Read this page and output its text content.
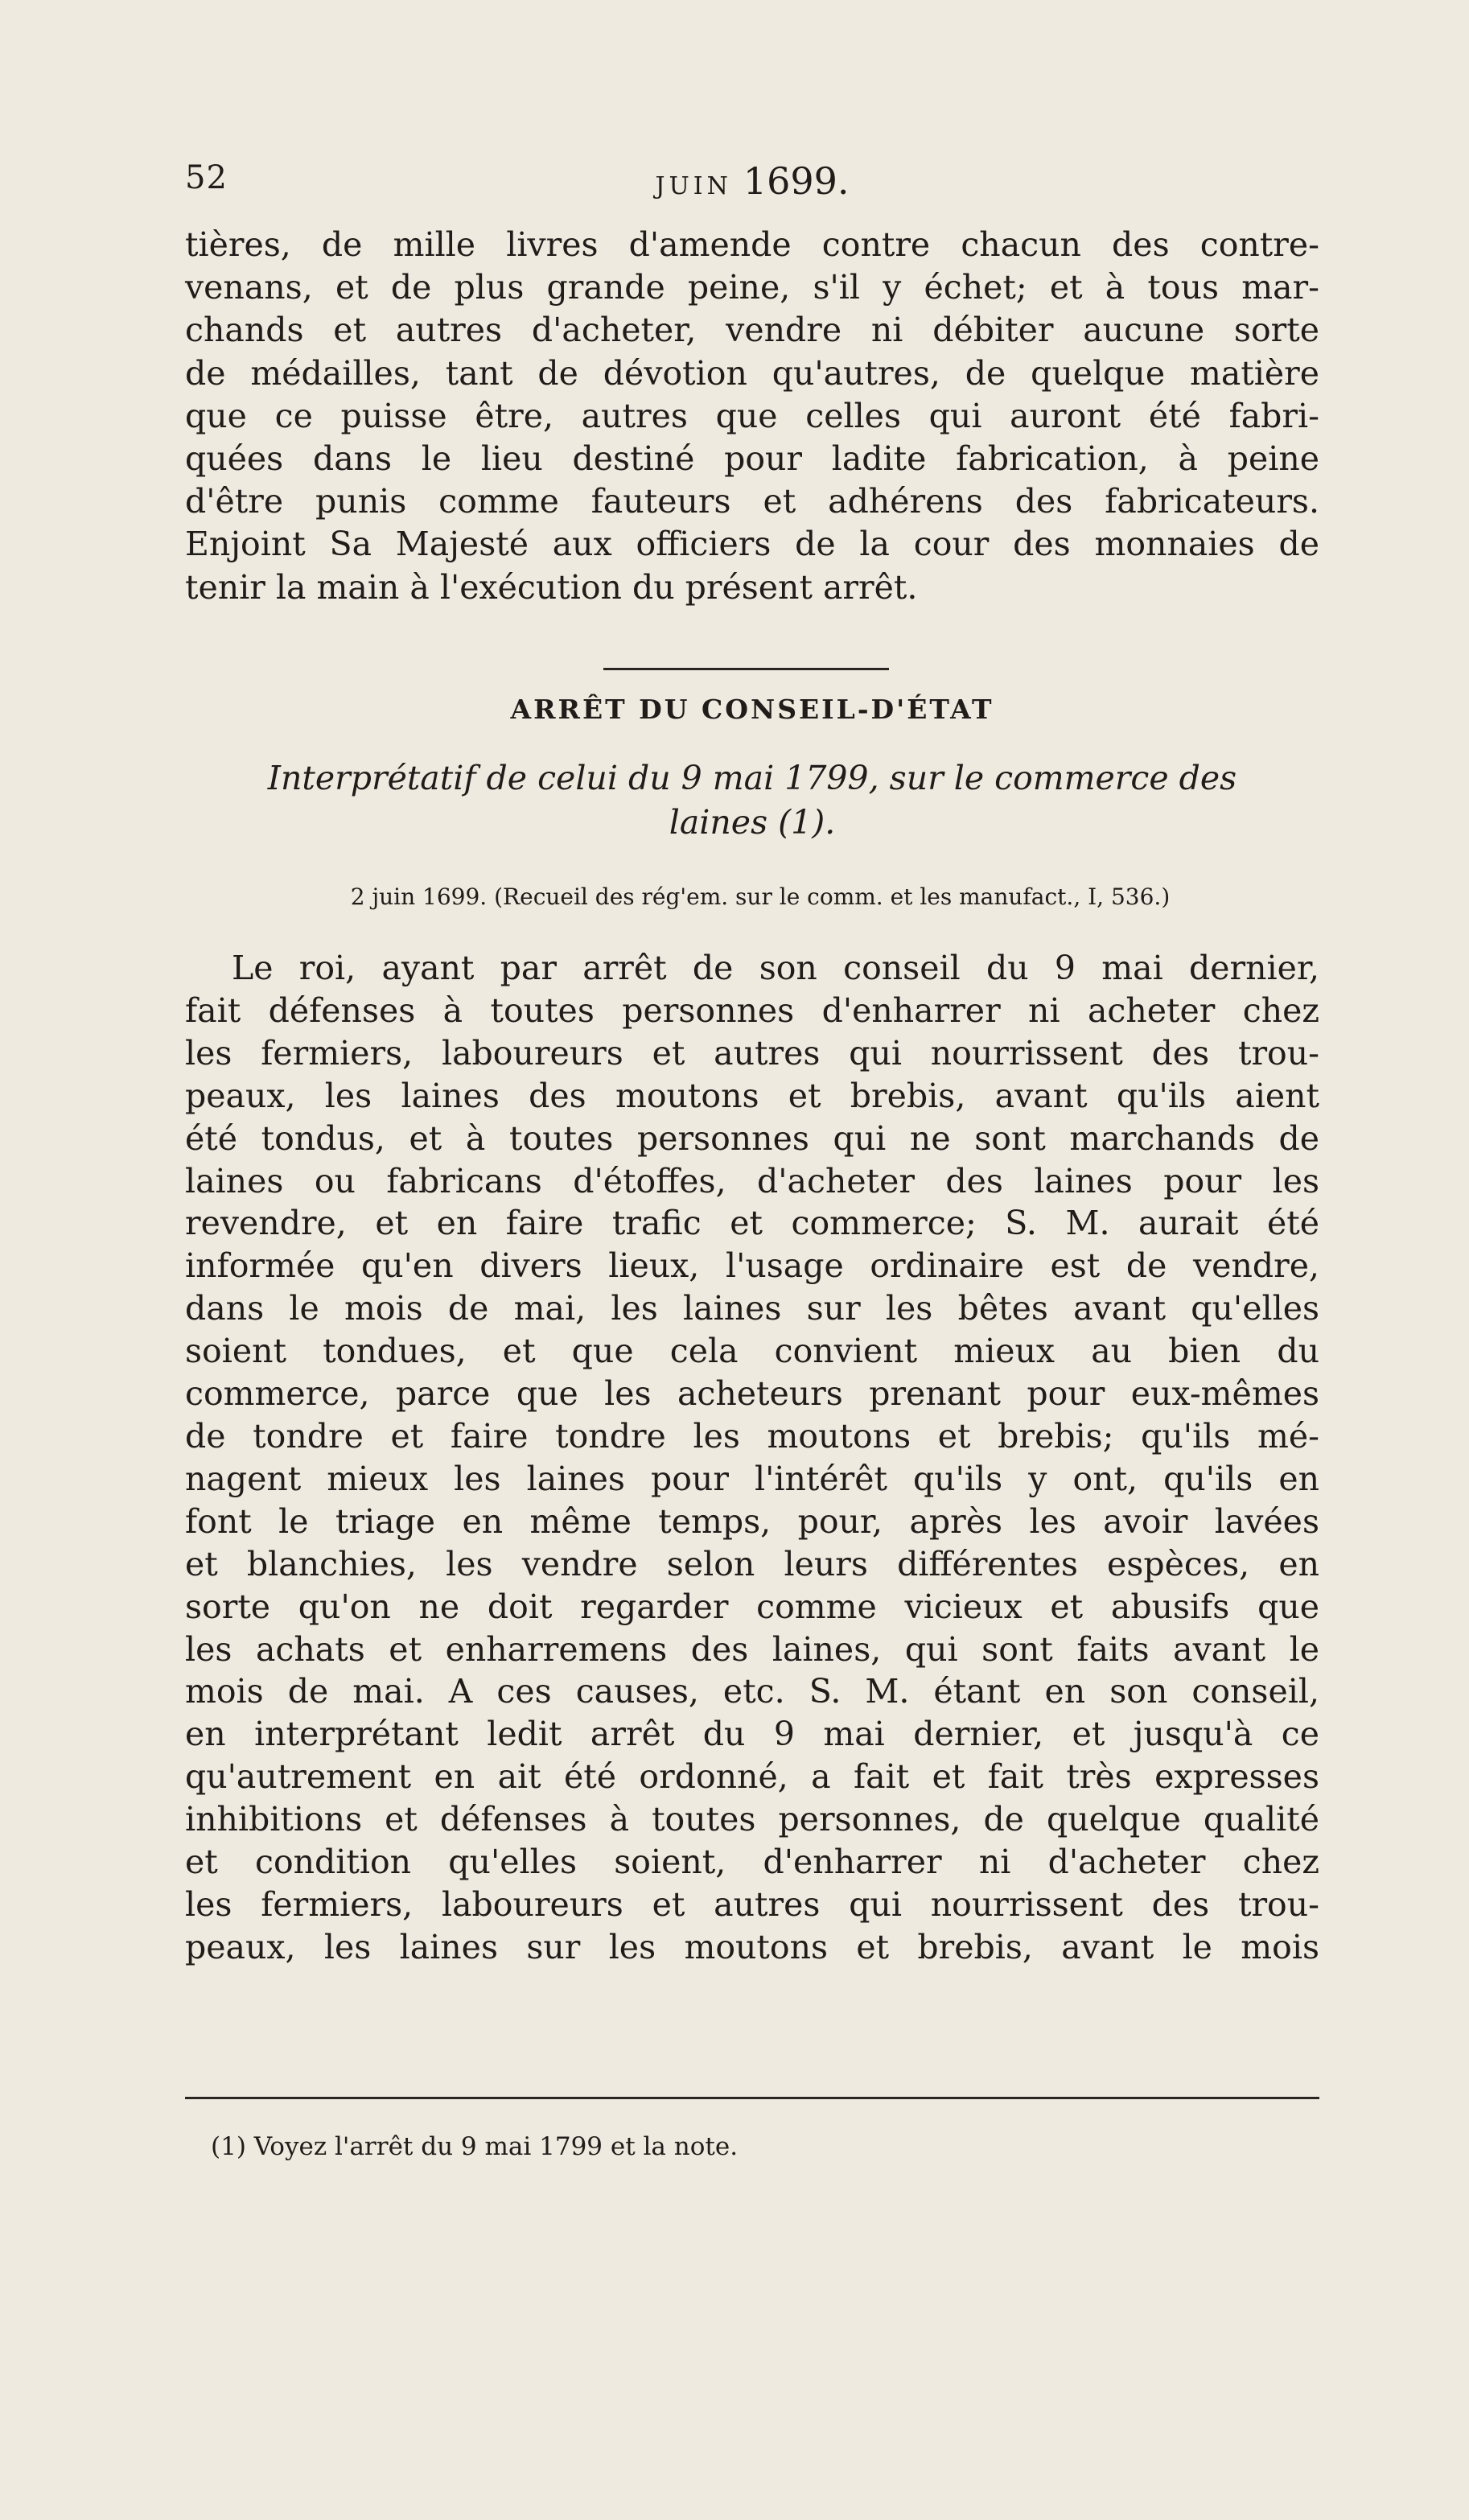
52	JUIN 1699.
tières, de mille livres d'amende contre chacun des contre-
venans, et de plus grande peine, s'il y échet; et à tous mar-
chands et autres d'acheter, vendre ni débiter aucune sorte
de médailles, tant de dévotion qu'autres, de quelque matière
que ce puisse être, autres que celles qui auront été fabri-
quées dans le lieu destiné pour ladite fabrication, à peine
d'être punis comme fauteurs et adhérens des fabricateurs.
Enjoint Sa Majesté aux officiers de la cour des monnaies de
tenir la main à l'exécution du présent arrêt.
ARRÊT DU CONSEIL-D'ÉTAT
Interprétatif de celui du 9 mai 1799, sur le commerce des
laines (1).
2 juin 1699. (Recueil des rég'em. sur le comm. et les manufact., I, 536.)
Le roi, ayant par arrêt de son conseil du 9 mai dernier,
fait défenses à toutes personnes d'enharrer ni acheter chez
les fermiers, laboureurs et autres qui nourrissent des trou-
peaux, les laines des moutons et brebis, avant qu'ils aient
été tondus, et à toutes personnes qui ne sont marchands de
laines ou fabricans d'étoffes, d'acheter des laines pour les
revendre, et en faire trafic et commerce; S. M. aurait été
informée qu'en divers lieux, l'usage ordinaire est de vendre,
dans le mois de mai, les laines sur les bêtes avant qu'elles
soient tondues, et que cela convient mieux au bien du
commerce, parce que les acheteurs prenant pour eux-mêmes
de tondre et faire tondre les moutons et brebis; qu'ils mé-
nagent mieux les laines pour l'intérêt qu'ils y ont, qu'ils en
font le triage en même temps, pour, après les avoir lavées
et blanchies, les vendre selon leurs différentes espèces, en
sorte qu'on ne doit regarder comme vicieux et abusifs que
les achats et enharremens des laines, qui sont faits avant le
mois de mai. A ces causes, etc. S. M. étant en son conseil,
en interprétant ledit arrêt du 9 mai dernier, et jusqu'à ce
qu'autrement en ait été ordonné, a fait et fait très expresses
inhibitions et défenses à toutes personnes, de quelque qualité
et condition qu'elles soient, d'enharrer ni d'acheter chez
les fermiers, laboureurs et autres qui nourrissent des trou-
peaux, les laines sur les moutons et brebis, avant le mois
(1) Voyez l'arrêt du 9 mai 1799 et la note.
